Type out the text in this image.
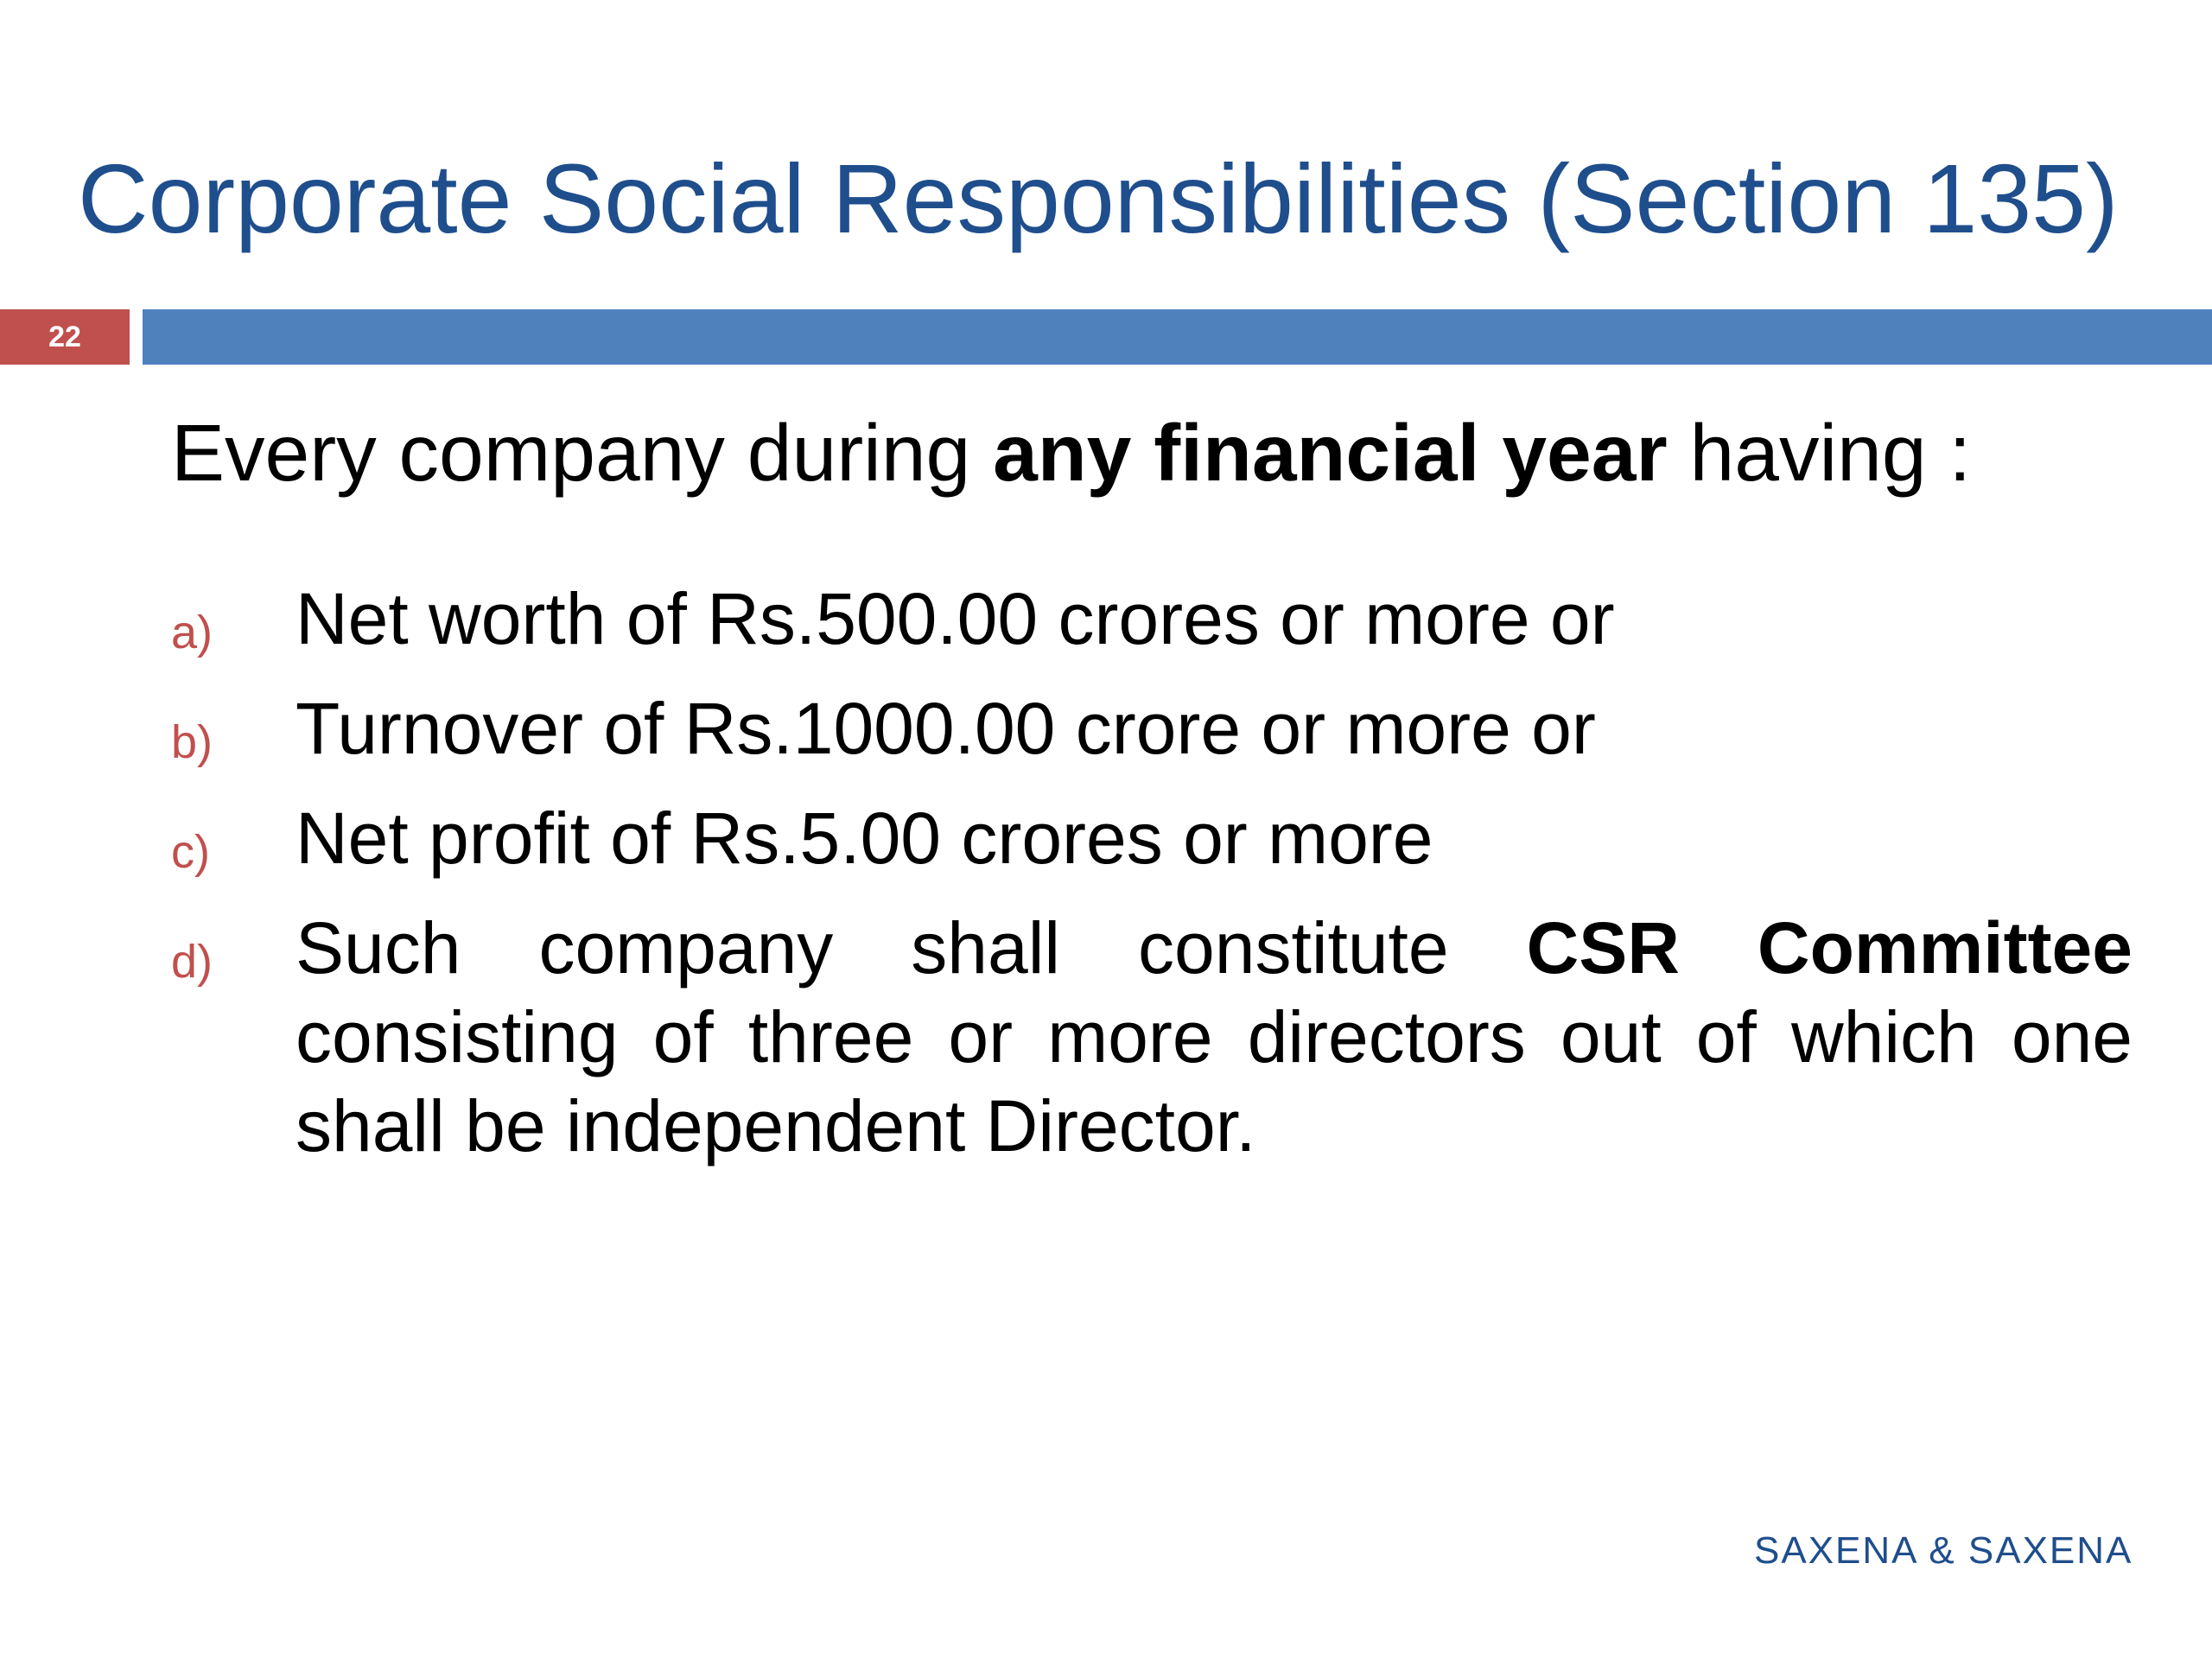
Corporate Social Responsibilities (Section 135)
22
Every company during any financial year having :
a) Net worth of Rs.500.00 crores or more or
b) Turnover of Rs.1000.00 crore or more or
c) Net profit of Rs.5.00 crores or more
d) Such company shall constitute CSR Committee consisting of three or more directors out of which one shall be independent Director.
SAXENA & SAXENA
